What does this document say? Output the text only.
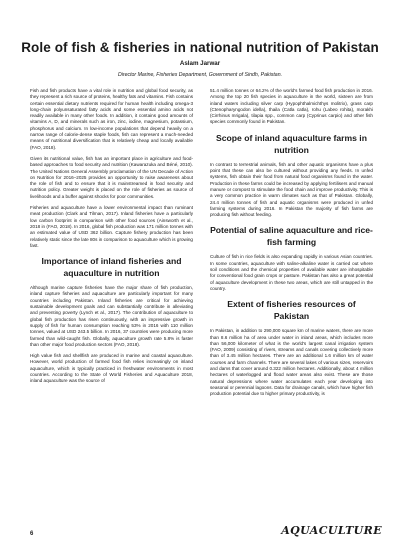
Role of fish & fisheries in national nutrition of Pakistan
Aslam Jarwar
Director Marine, Fisheries Department, Government of Sindh, Pakistan.

Fish and fish products have a vital role in nutrition and global food security, as they represent a rich source of proteins, healthy fats and vitamins. Fish contains certain essential dietary nutrients required for human health including omega-3 long-chain polyunsaturated fatty acids and some essential amino acids not readily available in many other foods. In addition, it contains good amounts of vitamins A, D, and minerals such as iron, zinc, iodine, magnesium, potassium, phosphorus and calcium. In low-income populations that depend heavily on a narrow range of calorie-dense staple foods, fish can represent a much-needed means of nutritional diversification that is relatively cheap and locally available (FAO, 2018).

Given its nutritional value, fish has an important place in agriculture and food-based approaches to food security and nutrition (Kawarazuka and Béné, 2010). The United Nations General Assembly proclamation of the UN Decade of Action on Nutrition for 2016–2025 provides an opportunity to raise awareness about the role of fish and to ensure that it is mainstreamed in food security and nutrition policy. Greater weight is placed on the role of fisheries as source of livelihoods and a buffer against shocks for poor communities.

Fisheries and aquaculture have a lower environmental impact than ruminant meat production (Clark and Tilman, 2017). Inland fisheries have a particularly low carbon footprint in comparison with other food sources (Ainsworth et al., 2018 in (FAO, 2018). In 2016, global fish production was 171 million tonnes with an estimated value of USD 362 billion. Capture fishery production has been relatively static since the late 80s in comparison to aquaculture which is growing fast.

Importance of inland fisheries and aquaculture in nutrition

Although marine capture fisheries have the major share of fish production, inland capture fisheries and aquaculture are particularly important for many countries including Pakistan. Inland fisheries are critical for achieving sustainable development goals and can substantially contribute in alleviating and preventing poverty (Lynch et al., 2017). The contribution of aquaculture to global fish production has risen continuously, with an impressive growth in supply of fish for human consumption reaching 53% in 2016 with 110 million tonnes, valued at USD 243.5 billion. In 2016, 37 countries were producing more farmed than wild-caught fish. Globally, aquaculture growth rate 5.8% is faster than other major food production sectors (FAO, 2018).

High value fish and shellfish are produced in marine and coastal aquaculture. However, world production of farmed food fish relies increasingly on inland aquaculture, which is typically practiced in freshwater environments in most countries. According to the State of World Fisheries and Aquaculture 2018, inland aquaculture was the source of

51.4 million tonnes or 64.2% of the world's farmed food fish production in 2016. Among the top 20 fish species in aquaculture in the world, sixteen are from inland waters including silver carp (Hypophthalmichthys molitrix), grass carp (Ctenopharyngodon idella), thaila (Catla catla), rohu (Labeo rohita), morakhi (Cirrhinus mrigala), tilapia spp., common carp (Cyprinus carpio) and other fish species commonly found in Pakistan.

Scope of inland aquaculture farms in nutrition

In contrast to terrestrial animals, fish and other aquatic organisms have a plus point that these can also be cultured without providing any feeds. In unfed systems, fish obtain their food from natural food organisms found in the water. Production in these farms could be increased by applying fertilisers and manual manure or compost to stimulate the food chain and improve productivity. This is a very common practice in warm climates such as that of Pakistan. Globally, 24.4 million tonnes of fish and aquatic organisms were produced in unfed farming systems during 2016. In Pakistan the majority of fish farms are producing fish without feeding.

Potential of saline aquaculture and rice-fish farming

Culture of fish in rice fields is also expanding rapidly in various Asian countries. In some countries, aquaculture with saline-alkaline water is carried out where soil conditions and the chemical properties of available water are inhospitable for conventional food grain crops or pasture. Pakistan has also a great potential of aquaculture development in these two areas, which are still untapped in the country.

Extent of fisheries resources of Pakistan

In Pakistan, in addition to 290,000 square km of marine waters, there are more than 8.6 million ha of area under water in inland areas, which includes more than 56,000 kilometer of what is the world's largest canal irrigation system (FAO, 2009) consisting of rivers, streams and canals covering collectively more than of 3.45 million hectares. There are an additional 1.6 million km of water courses and farm channels. There are several lakes of various sizes, reservoirs and dams that cover around 0.322 million hectares. Additionally, about 4 million hectares of waterlogged and flood water areas also exist. These are those natural depressions where water accumulates each year developing into seasonal or perennial lagoons. Data for drainage canals, which have higher fish production potential due to higher primary productivity, is

6	AQUACULTURE
